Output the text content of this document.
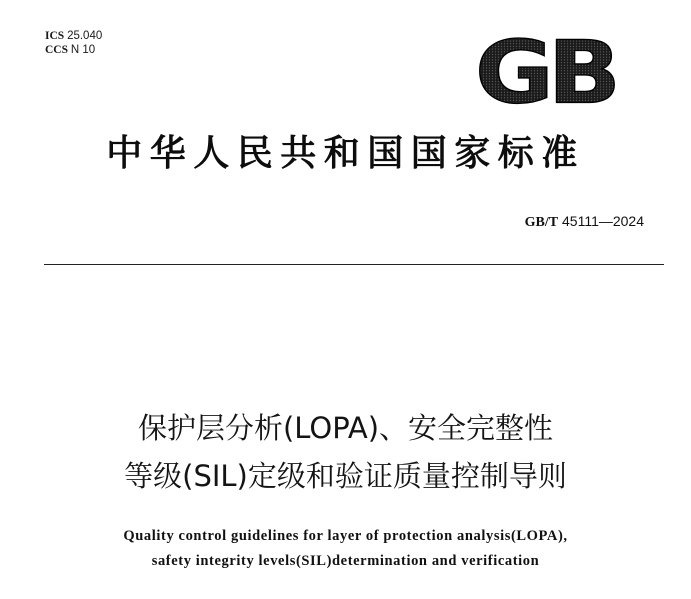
ICS 25.040
CCS N 10	GB
中华人民共和国国家标准
GB/T 45111—2024
保护层分析(LOPA)、安全完整性
等级(SIL)定级和验证质量控制导则
Quality control guidelines for layer of protection analysis(LOPA),
safety integrity levels(SIL)determination and verification
